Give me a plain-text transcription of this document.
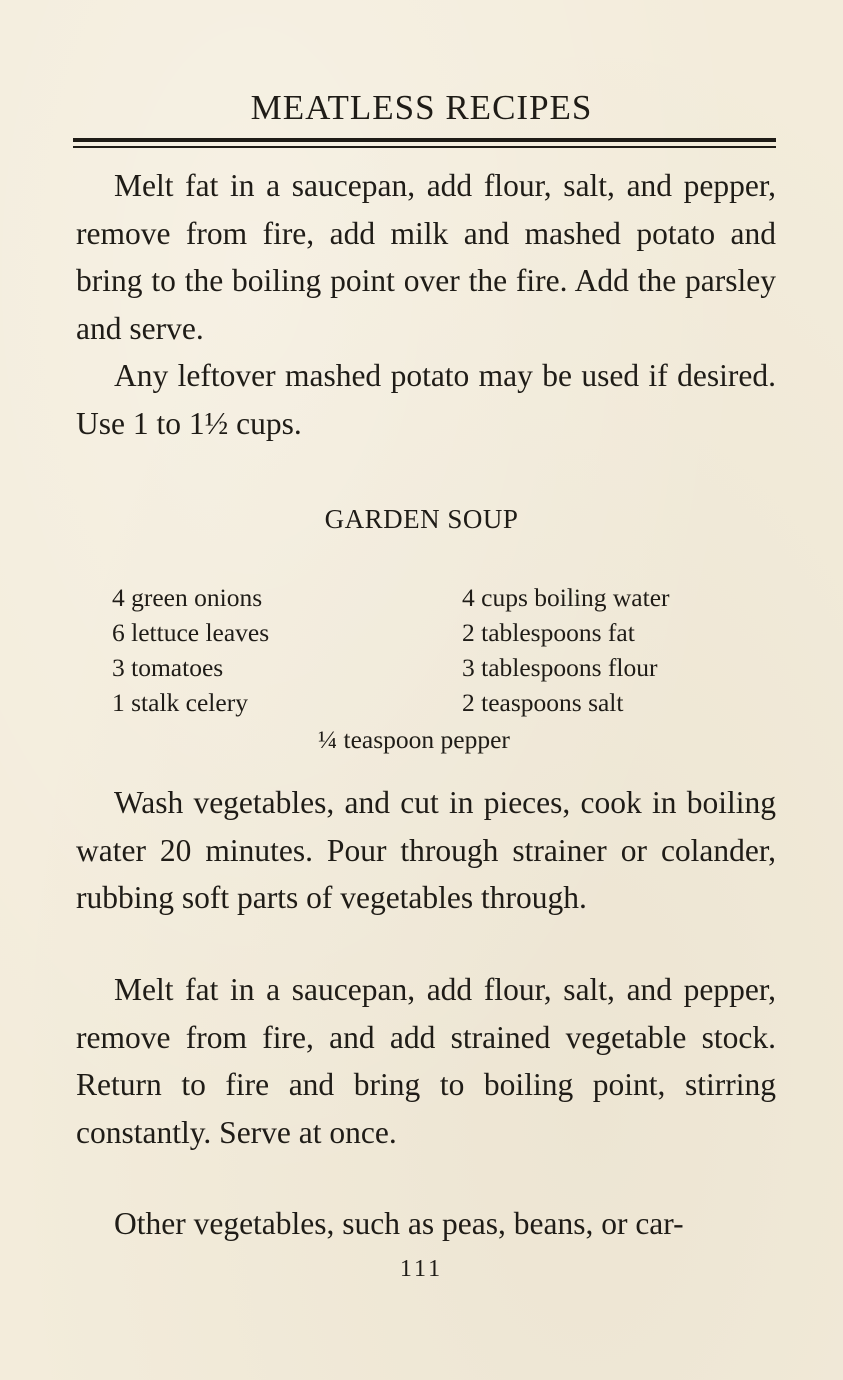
MEATLESS RECIPES

Melt fat in a saucepan, add flour, salt, and pepper, remove from fire, add milk and mashed potato and bring to the boiling point over the fire. Add the parsley and serve.

Any leftover mashed potato may be used if desired. Use 1 to 1½ cups.

GARDEN SOUP
4 green onions
6 lettuce leaves
3 tomatoes
1 stalk celery
4 cups boiling water
2 tablespoons fat
3 tablespoons flour
2 teaspoons salt
¼ teaspoon pepper

Wash vegetables, and cut in pieces, cook in boiling water 20 minutes. Pour through strainer or colander, rubbing soft parts of vegetables through.

Melt fat in a saucepan, add flour, salt, and pepper, remove from fire, and add strained vegetable stock. Return to fire and bring to boiling point, stirring constantly. Serve at once.

Other vegetables, such as peas, beans, or car-

111
